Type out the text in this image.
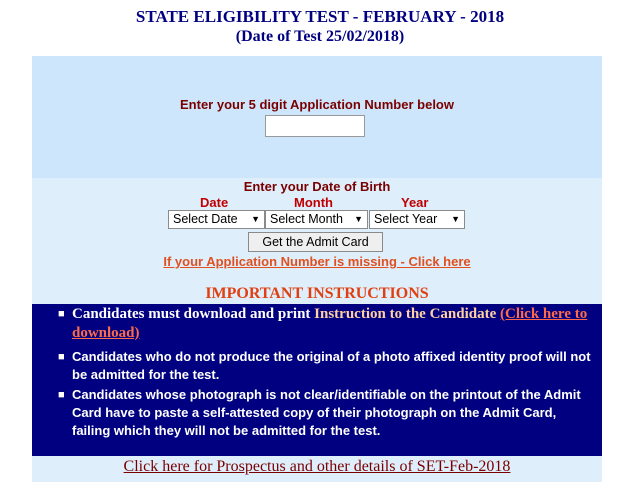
STATE ELIGIBILITY TEST - FEBRUARY - 2018
(Date of Test 25/02/2018)
Enter your 5 digit Application Number below
Enter your Date of Birth
Date	Month	Year
Select Date ▼ Select Month ▼ Select Year ▼
Get the Admit Card
If your Application Number is missing - Click here
IMPORTANT INSTRUCTIONS
■ Candidates must download and print Instruction to the Candidate (Click here to download)
■ Candidates who do not produce the original of a photo affixed identity proof will not be admitted for the test.
■ Candidates whose photograph is not clear/identifiable on the printout of the Admit Card have to paste a self-attested copy of their photograph on the Admit Card, failing which they will not be admitted for the test.
Click here for Prospectus and other details of SET-Feb-2018
